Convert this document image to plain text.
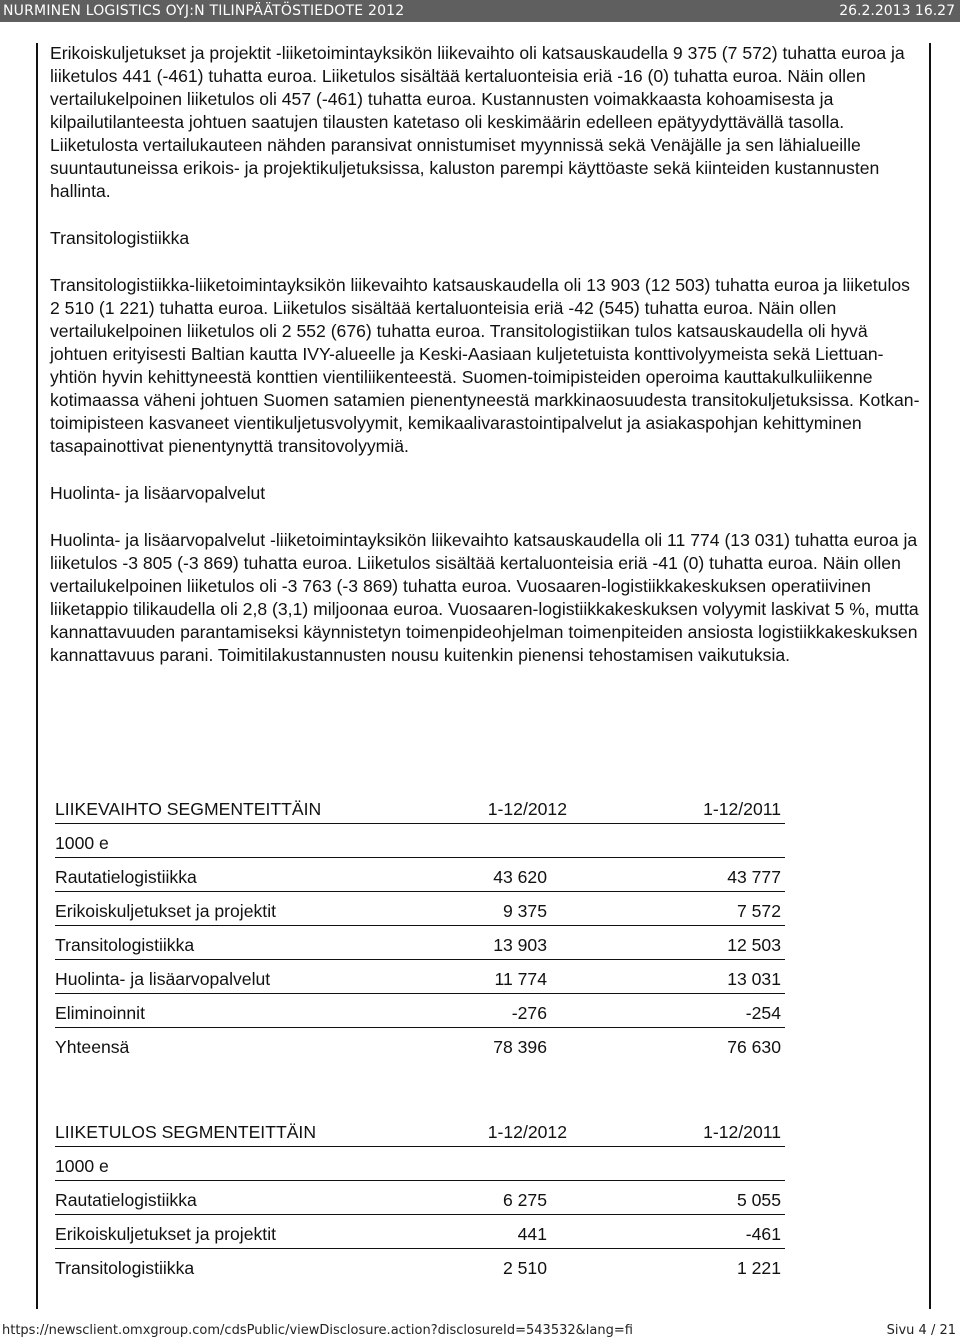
NURMINEN LOGISTICS OYJ:N TILINPÄÄTÖSTIEDOTE 2012	26.2.2013 16.27

Erikoiskuljetukset ja projektit -liiketoimintayksikön liikevaihto oli katsauskaudella 9 375 (7 572) tuhatta euroa ja liiketulos 441 (-461) tuhatta euroa. Liiketulos sisältää kertaluonteisia eriä -16 (0) tuhatta euroa. Näin ollen vertailukelpoinen liiketulos oli 457 (-461) tuhatta euroa. Kustannusten voimakkaasta kohoamisesta ja kilpailutilanteesta johtuen saatujen tilausten katetaso oli keskimäärin edelleen epätyydyttävällä tasolla. Liiketulosta vertailukauteen nähden paransivat onnistumiset myynnissä sekä Venäjälle ja sen lähialueille suuntautuneissa erikois- ja projektikuljetuksissa, kaluston parempi käyttöaste sekä kiinteiden kustannusten hallinta.

Transitologistiikka

Transitologistiikka-liiketoimintayksikön liikevaihto katsauskaudella oli 13 903 (12 503) tuhatta euroa ja liiketulos 2 510 (1 221) tuhatta euroa. Liiketulos sisältää kertaluonteisia eriä -42 (545) tuhatta euroa. Näin ollen vertailukelpoinen liiketulos oli 2 552 (676) tuhatta euroa. Transitologistiikan tulos katsauskaudella oli hyvä johtuen erityisesti Baltian kautta IVY-alueelle ja Keski-Aasiaan kuljetetuista konttivolyymeista sekä Liettuan-yhtiön hyvin kehittyneestä konttien vientiliikenteestä. Suomen-toimipisteiden operoima kauttakulkuliikenne kotimaassa väheni johtuen Suomen satamien pienentyneestä markkinaosuudesta transitokuljetuksissa. Kotkan-toimipisteen kasvaneet vientikuljetusvolyymit, kemikaalivarastointipalvelut ja asiakaspohjan kehittyminen tasapainottivat pienentynyttä transitovolyymiä.

Huolinta- ja lisäarvopalvelut

Huolinta- ja lisäarvopalvelut -liiketoimintayksikön liikevaihto katsauskaudella oli 11 774 (13 031) tuhatta euroa ja liiketulos -3 805 (-3 869) tuhatta euroa. Liiketulos sisältää kertaluonteisia eriä -41 (0) tuhatta euroa. Näin ollen vertailukelpoinen liiketulos oli -3 763 (-3 869) tuhatta euroa. Vuosaaren-logistiikkakeskuksen operatiivinen liiketappio tilikaudella oli 2,8 (3,1) miljoonaa euroa. Vuosaaren-logistiikkakeskuksen volyymit laskivat 5 %, mutta kannattavuuden parantamiseksi käynnistetyn toimenpideohjelman toimenpiteiden ansiosta logistiikkakeskuksen kannattavuus parani. Toimitilakustannusten nousu kuitenkin pienensi tehostamisen vaikutuksia.

LIIKEVAIHTO SEGMENTEITTÄIN	1-12/2012	1-12/2011
1000 e
Rautatielogistiikka	43 620	43 777
Erikoiskuljetukset ja projektit	9 375	7 572
Transitologistiikka	13 903	12 503
Huolinta- ja lisäarvopalvelut	11 774	13 031
Eliminoinnit	-276	-254
Yhteensä	78 396	76 630
LIIKETULOS SEGMENTEITTÄIN	1-12/2012	1-12/2011
1000 e
Rautatielogistiikka	6 275	5 055
Erikoiskuljetukset ja projektit	441	-461
Transitologistiikka	2 510	1 221
https://newsclient.omxgroup.com/cdsPublic/viewDisclosure.action?disclosureId=543532&lang=fi	Sivu 4 / 21
